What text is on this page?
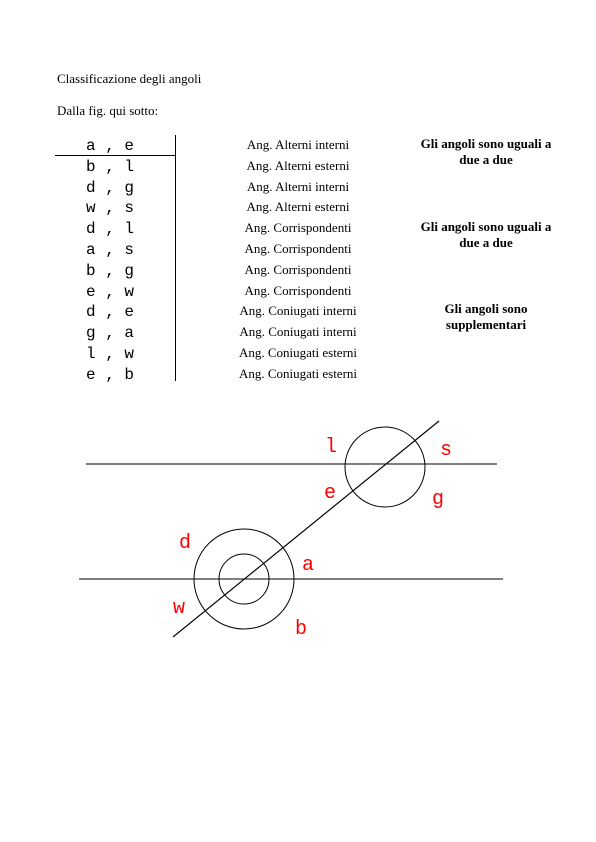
Classificazione degli angoli
Dalla fig. qui sotto:
a , e
b , l
d , g
w , s
d , l
a , s
b , g
e , w
d , e
g , a
l , w
e , b
Ang. Alterni interni
Ang. Alterni esterni
Ang. Alterni interni
Ang. Alterni esterni
Ang. Corrispondenti
Ang. Corrispondenti
Ang. Corrispondenti
Ang. Corrispondenti
Ang. Coniugati interni
Ang. Coniugati interni
Ang. Coniugati esterni
Ang. Coniugati esterni
Gli angoli sono uguali a due a due
Gli angoli sono uguali a due a due
Gli angoli sono supplementari
l	s
e	g
d
a
w
b
